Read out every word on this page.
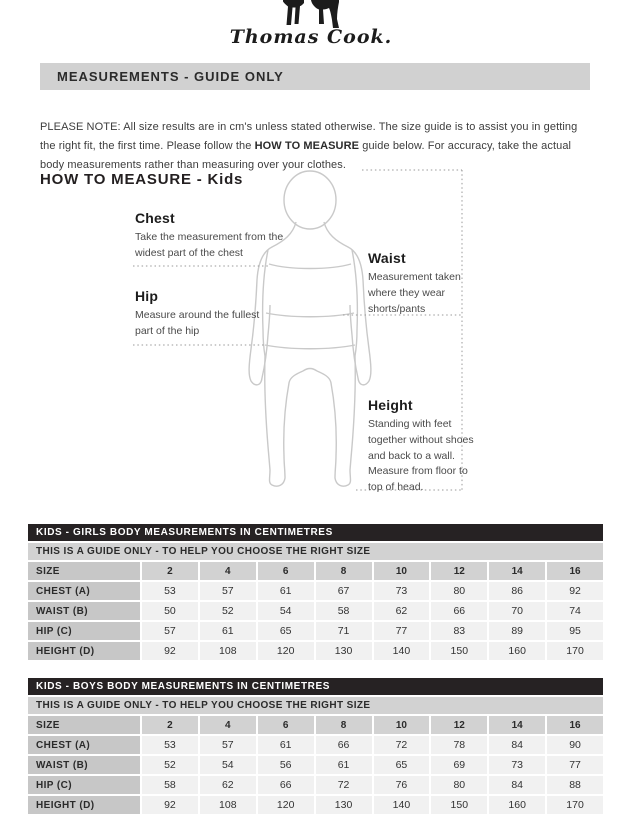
Thomas Cook.
MEASUREMENTS - GUIDE ONLY

PLEASE NOTE: All size results are in cm's unless stated otherwise. The size guide is to assist you in getting the right fit, the first time. Please follow the HOW TO MEASURE guide below. For accuracy, take the actual body measurements rather than measuring over your clothes.

HOW TO MEASURE - Kids
Chest
Take the measurement from the widest part of the chest
Hip
Measure around the fullest part of the hip
Waist
Measurement taken where they wear shorts/pants
Height
Standing with feet together without shoes and back to a wall. Measure from floor to top of head.
KIDS - GIRLS BODY MEASUREMENTS IN CENTIMETRES
THIS IS A GUIDE ONLY - TO HELP YOU CHOOSE THE RIGHT SIZE
SIZE	2	4	6	8	10	12	14	16
CHEST (A)	53	57	61	67	73	80	86	92
WAIST (B)	50	52	54	58	62	66	70	74
HIP (C)	57	61	65	71	77	83	89	95
HEIGHT (D)	92	108	120	130	140	150	160	170
KIDS - BOYS BODY MEASUREMENTS IN CENTIMETRES
THIS IS A GUIDE ONLY - TO HELP YOU CHOOSE THE RIGHT SIZE
SIZE	2	4	6	8	10	12	14	16
CHEST (A)	53	57	61	66	72	78	84	90
WAIST (B)	52	54	56	61	65	69	73	77
HIP (C)	58	62	66	72	76	80	84	88
HEIGHT (D)	92	108	120	130	140	150	160	170
